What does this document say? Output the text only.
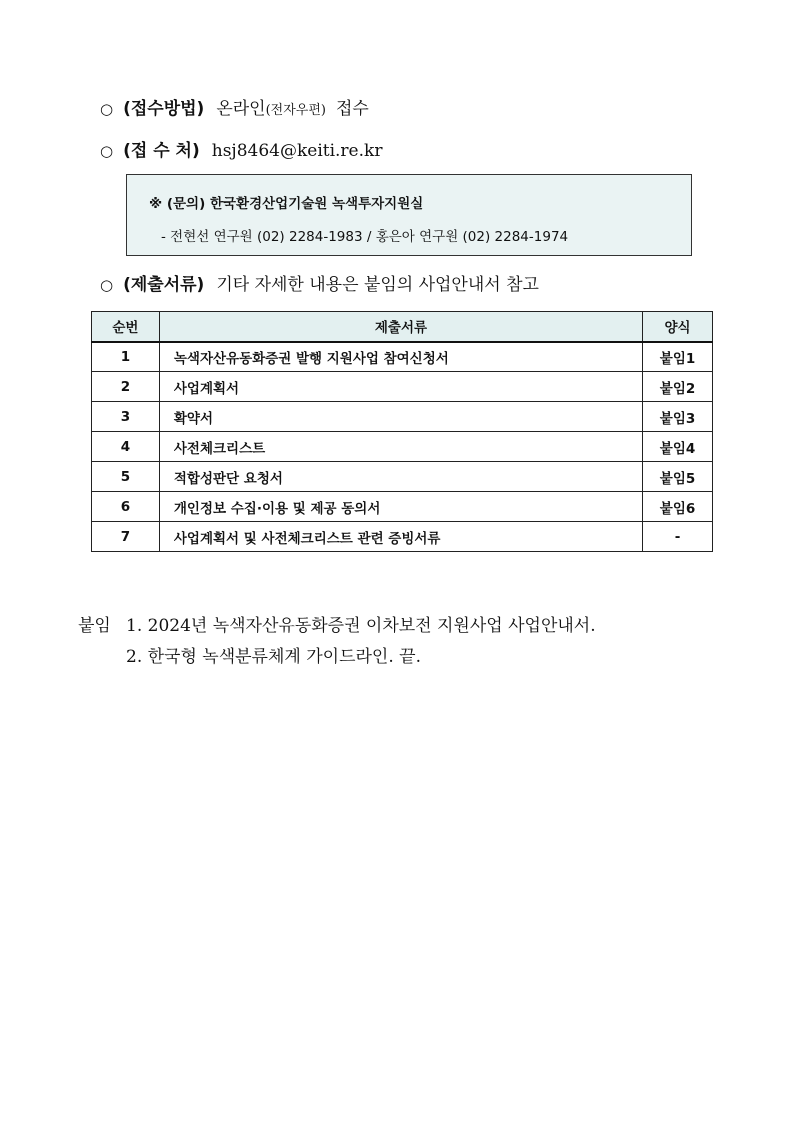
○ (접수방법) 온라인 (전자우편) 접수
○ (접 수 처) hsj8464@keiti.re.kr
※ (문의) 한국환경산업기술원 녹색투자지원실
- 전현선 연구원 (02) 2284-1983 / 홍은아 연구원 (02) 2284-1974
○ (제출서류) 기타 자세한 내용은 붙임의 사업안내서 참고
순번	제출서류	양식
1	녹색자산유동화증권 발행 지원사업 참여신청서	붙임1
2	사업계획서	붙임2
3	확약서	붙임3
4	사전체크리스트	붙임4
5	적합성판단 요청서	붙임5
6	개인정보 수집·이용 및 제공 동의서	붙임6
7	사업계획서 및 사전체크리스트 관련 증빙서류	-
붙임 1. 2024년 녹색자산유동화증권 이차보전 지원사업 사업안내서.
2. 한국형 녹색분류체계 가이드라인. 끝.
